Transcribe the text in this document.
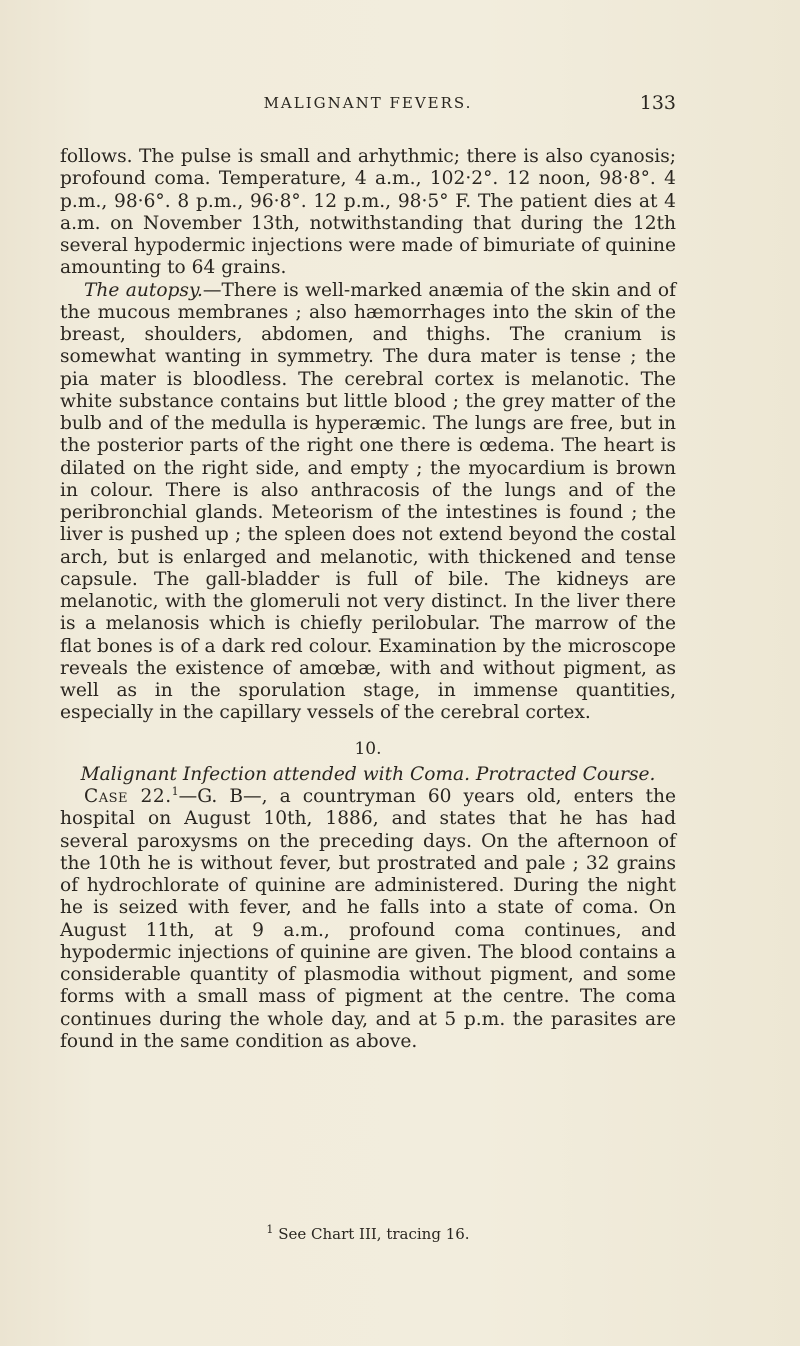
MALIGNANT FEVERS.	133

follows. The pulse is small and arhythmic; there is also cyanosis; profound coma. Temperature, 4 a.m., 102·2°. 12 noon, 98·8°. 4 p.m., 98·6°. 8 p.m., 96·8°. 12 p.m., 98·5° F. The patient dies at 4 a.m. on November 13th, notwithstanding that during the 12th several hypodermic injections were made of bimuriate of quinine amounting to 64 grains.

The autopsy.—There is well-marked anæmia of the skin and of the mucous membranes ; also hæmorrhages into the skin of the breast, shoulders, abdomen, and thighs. The cranium is somewhat wanting in symmetry. The dura mater is tense ; the pia mater is bloodless. The cerebral cortex is melanotic. The white substance contains but little blood ; the grey matter of the bulb and of the medulla is hyperæmic. The lungs are free, but in the posterior parts of the right one there is œdema. The heart is dilated on the right side, and empty ; the myocardium is brown in colour. There is also anthracosis of the lungs and of the peribronchial glands. Meteorism of the intestines is found ; the liver is pushed up ; the spleen does not extend beyond the costal arch, but is enlarged and melanotic, with thickened and tense capsule. The gall-bladder is full of bile. The kidneys are melanotic, with the glomeruli not very distinct. In the liver there is a melanosis which is chiefly perilobular. The marrow of the flat bones is of a dark red colour. Examination by the microscope reveals the existence of amœbæ, with and without pigment, as well as in the sporulation stage, in immense quantities, especially in the capillary vessels of the cerebral cortex.

10.
Malignant Infection attended with Coma. Protracted Course.

Case 22.$^1$—G. B—, a countryman 60 years old, enters the hospital on August 10th, 1886, and states that he has had several paroxysms on the preceding days. On the afternoon of the 10th he is without fever, but prostrated and pale ; 32 grains of hydrochlorate of quinine are administered. During the night he is seized with fever, and he falls into a state of coma. On August 11th, at 9 a.m., profound coma continues, and hypodermic injections of quinine are given. The blood contains a considerable quantity of plasmodia without pigment, and some forms with a small mass of pigment at the centre. The coma continues during the whole day, and at 5 p.m. the parasites are found in the same condition as above.

$^1$ See Chart III, tracing 16.
